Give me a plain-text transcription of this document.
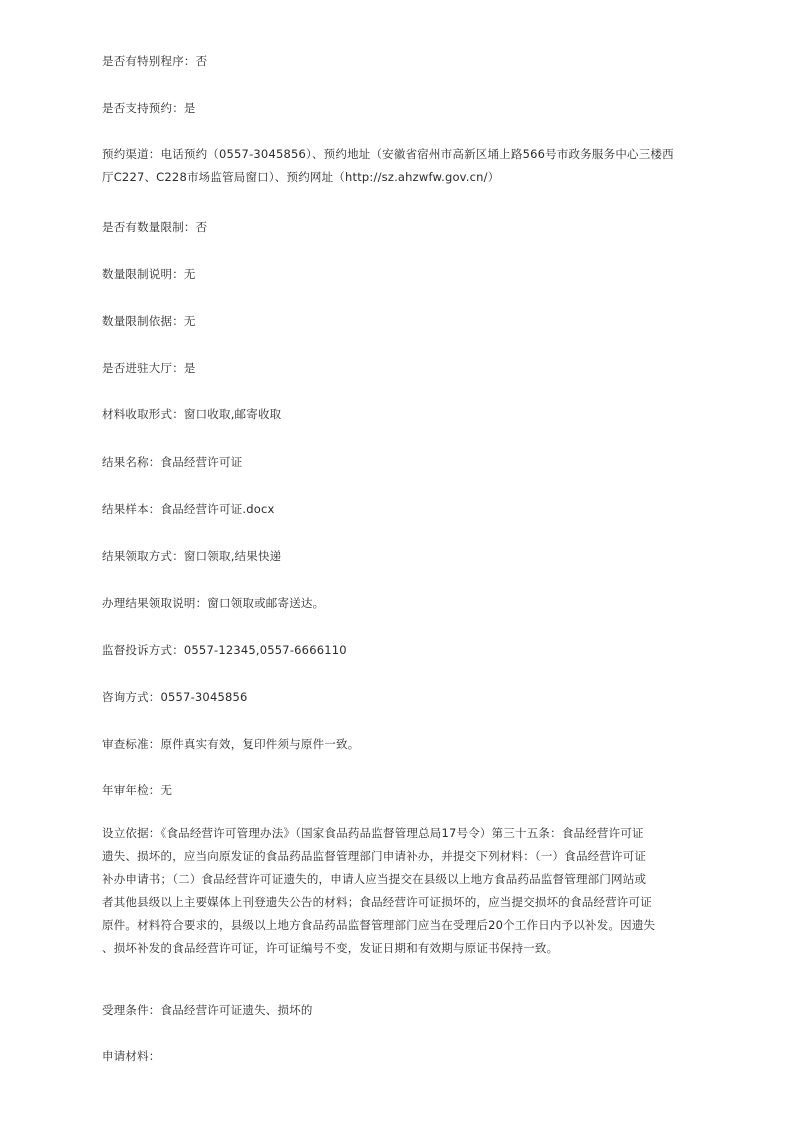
是否有特别程序：否
是否支持预约：是
预约渠道：电话预约（0557-3045856）、预约地址（安徽省宿州市高新区埇上路566号市政务服务中心三楼西
厅C227、C228市场监管局窗口）、预约网址（http://sz.ahzwfw.gov.cn/）
是否有数量限制：否
数量限制说明：无
数量限制依据：无
是否进驻大厅：是
材料收取形式：窗口收取,邮寄收取
结果名称：食品经营许可证
结果样本：食品经营许可证.docx
结果领取方式：窗口领取,结果快递
办理结果领取说明：窗口领取或邮寄送达。
监督投诉方式：0557-12345,0557-6666110
咨询方式：0557-3045856
审查标准：原件真实有效，复印件须与原件一致。
年审年检：无
设立依据：《食品经营许可管理办法》（国家食品药品监督管理总局17号令）第三十五条：食品经营许可证
遗失、损坏的，应当向原发证的食品药品监督管理部门申请补办，并提交下列材料：（一）食品经营许可证
补办申请书；（二）食品经营许可证遗失的，申请人应当提交在县级以上地方食品药品监督管理部门网站或
者其他县级以上主要媒体上刊登遗失公告的材料；食品经营许可证损坏的，应当提交损坏的食品经营许可证
原件。材料符合要求的，县级以上地方食品药品监督管理部门应当在受理后20个工作日内予以补发。因遗失
、损坏补发的食品经营许可证，许可证编号不变，发证日期和有效期与原证书保持一致。
受理条件：食品经营许可证遗失、损坏的
申请材料：
